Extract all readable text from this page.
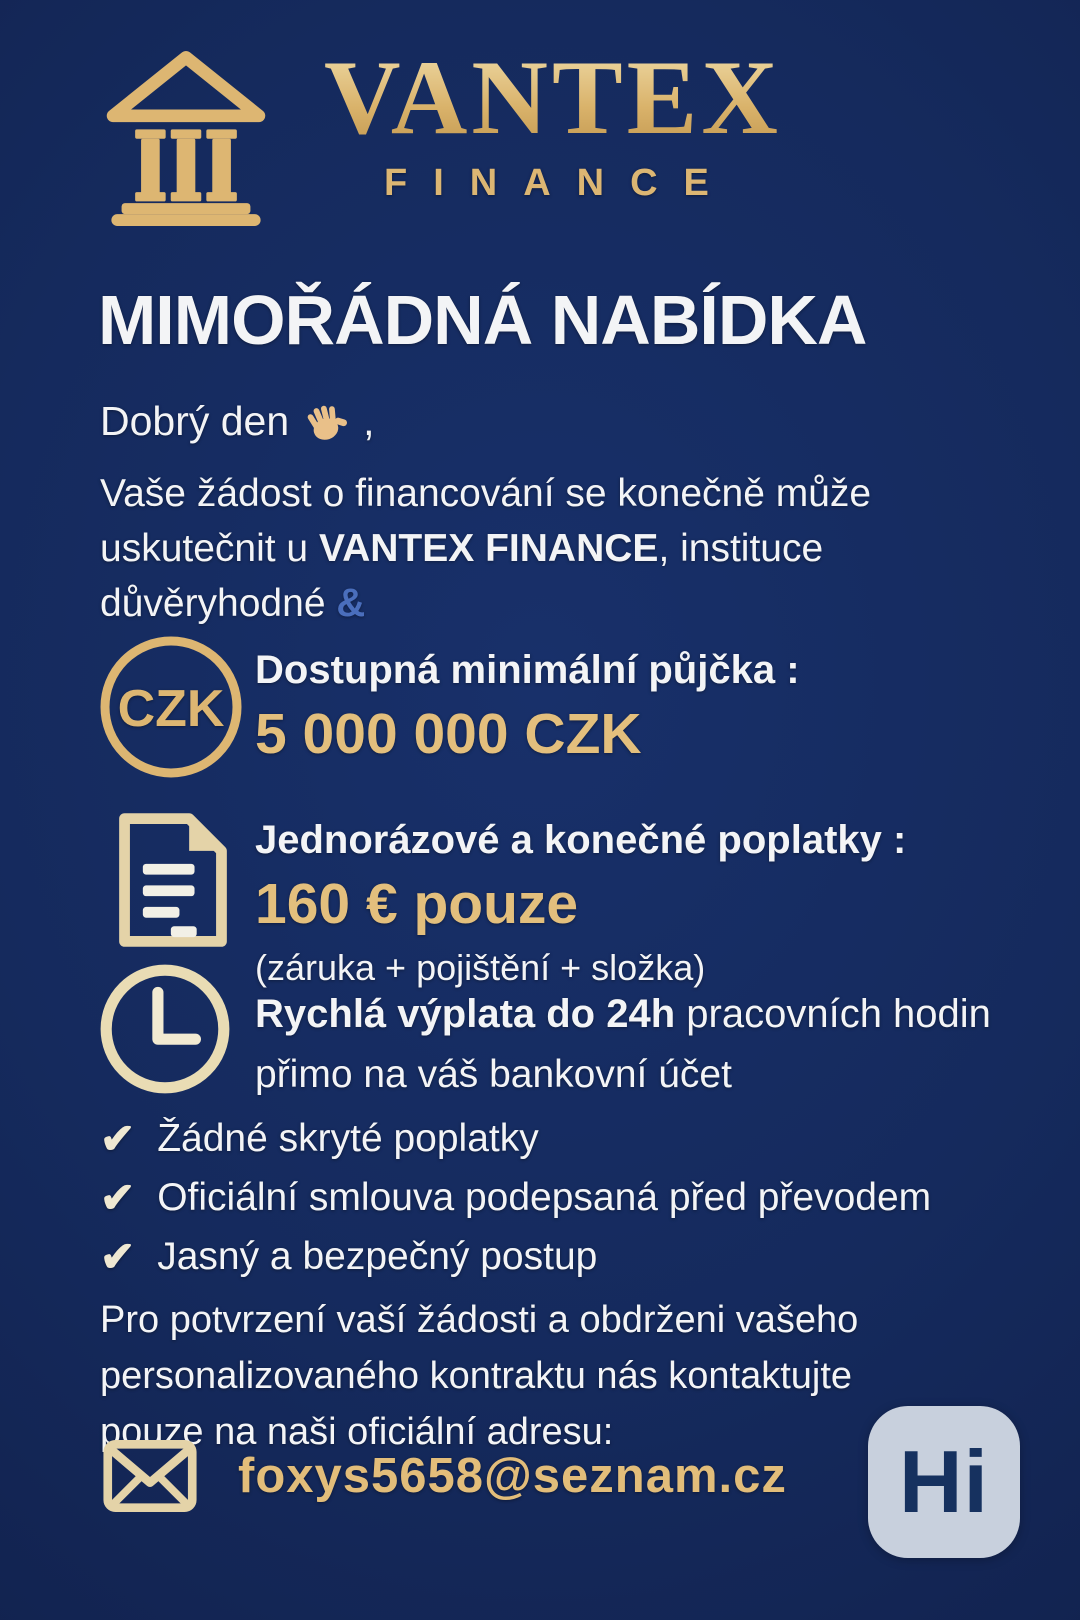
VANTEX
FINANCE
MIMOŘÁDNÁ NABÍDKA
Dobrý den ,
Vaše žádost o financování se konečně může
uskutečnit u VANTEX FINANCE, instituce
důvěryhodné &
CZK
Dostupná minimální půjčka :
5 000 000 CZK
Jednorázové a konečné poplatky :
160 € pouze
(záruka + pojištění + složka)
Rychlá výplata do 24h pracovních hodin
přimo na váš bankovní účet
✔ Žádné skryté poplatky
✔ Oficiální smlouva podepsaná před převodem
✔ Jasný a bezpečný postup
Pro potvrzení vaší žádosti a obdrženi vašeho
personalizovaného kontraktu nás kontaktujte
pouze na naši oficiální adresu:
foxys5658@seznam.cz Hi
